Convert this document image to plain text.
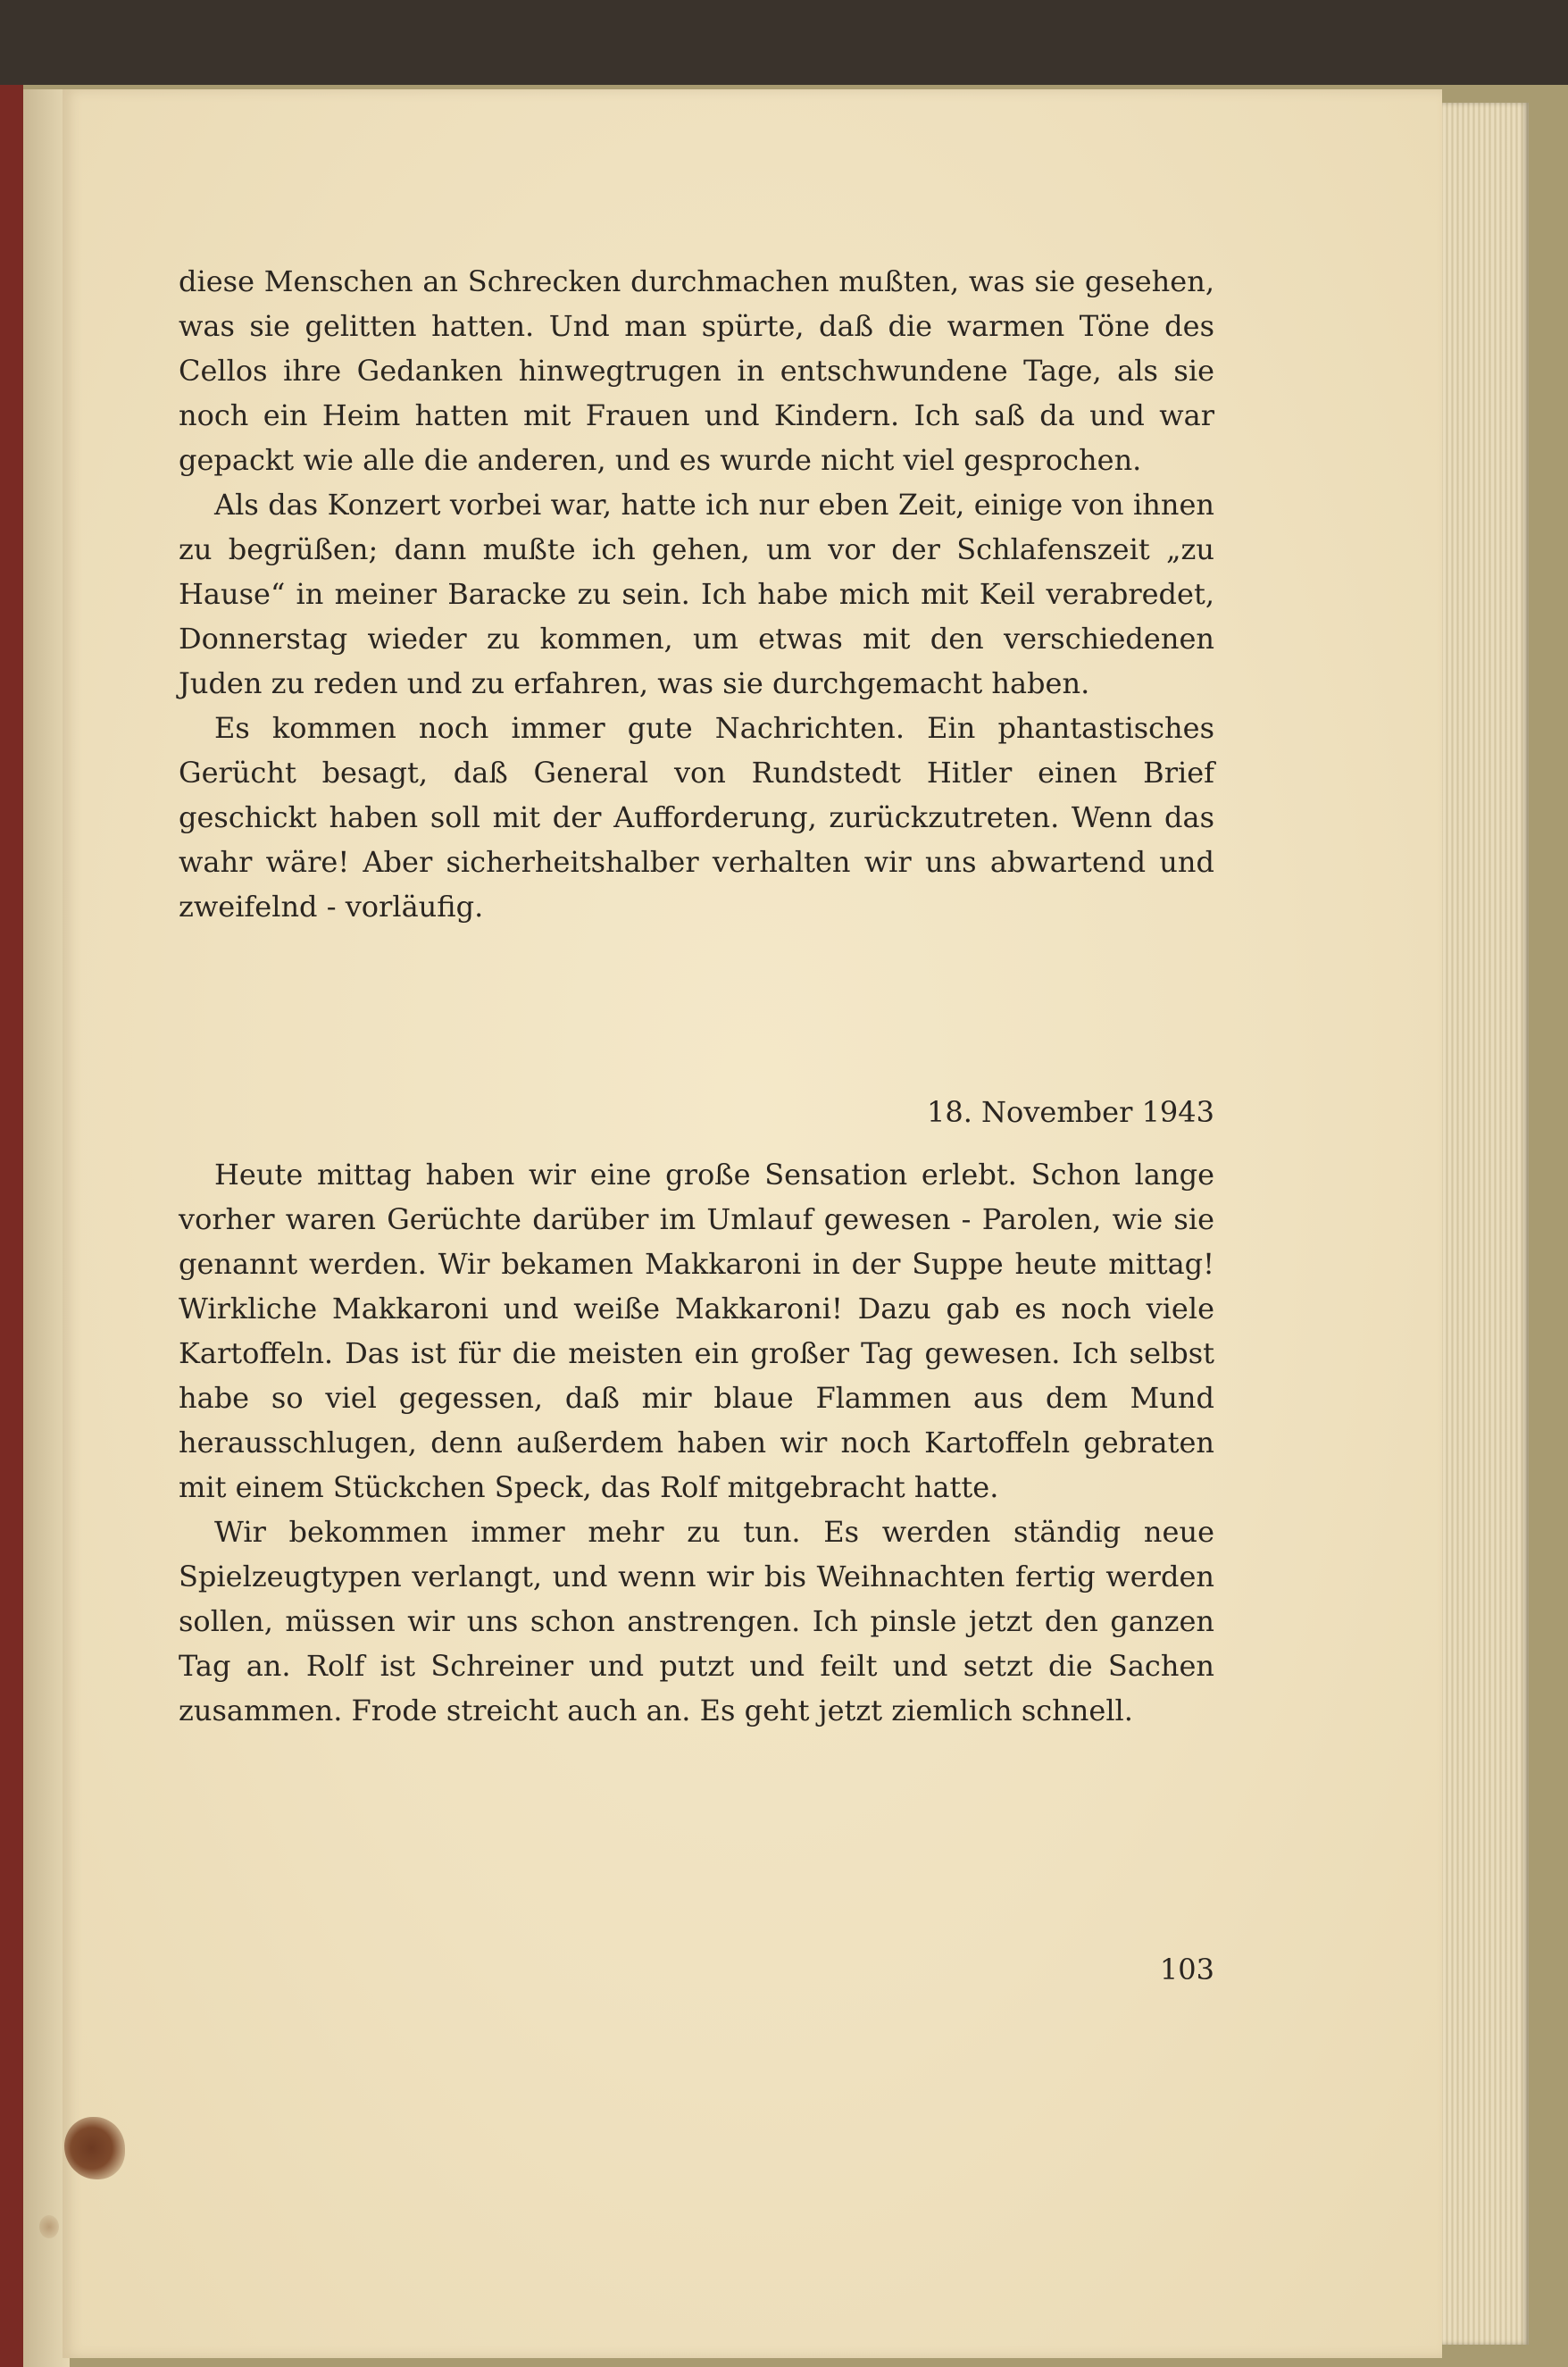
diese Menschen an Schrecken durchmachen mußten, was sie gesehen, was sie gelitten hatten. Und man spürte, daß die warmen Töne des Cellos ihre Gedanken hinwegtrugen in entschwundene Tage, als sie noch ein Heim hatten mit Frauen und Kindern. Ich saß da und war gepackt wie alle die anderen, und es wurde nicht viel gesprochen.

Als das Konzert vorbei war, hatte ich nur eben Zeit, einige von ihnen zu begrüßen; dann mußte ich gehen, um vor der Schlafenszeit „zu Hause“ in meiner Baracke zu sein. Ich habe mich mit Keil verabredet, Donnerstag wieder zu kommen, um etwas mit den verschiedenen Juden zu reden und zu erfahren, was sie durchgemacht haben.

Es kommen noch immer gute Nachrichten. Ein phantastisches Gerücht besagt, daß General von Rundstedt Hitler einen Brief geschickt haben soll mit der Aufforderung, zurückzutreten. Wenn das wahr wäre! Aber sicherheitshalber verhalten wir uns abwartend und zweifelnd - vorläufig.

18. November 1943

Heute mittag haben wir eine große Sensation erlebt. Schon lange vorher waren Gerüchte darüber im Umlauf gewesen - Parolen, wie sie genannt werden. Wir bekamen Makkaroni in der Suppe heute mittag! Wirkliche Makkaroni und weiße Makkaroni! Dazu gab es noch viele Kartoffeln. Das ist für die meisten ein großer Tag gewesen. Ich selbst habe so viel gegessen, daß mir blaue Flammen aus dem Mund herausschlugen, denn außerdem haben wir noch Kartoffeln gebraten mit einem Stückchen Speck, das Rolf mitgebracht hatte.

Wir bekommen immer mehr zu tun. Es werden ständig neue Spielzeugtypen verlangt, und wenn wir bis Weihnachten fertig werden sollen, müssen wir uns schon anstrengen. Ich pinsle jetzt den ganzen Tag an. Rolf ist Schreiner und putzt und feilt und setzt die Sachen zusammen. Frode streicht auch an. Es geht jetzt ziemlich schnell.

103
